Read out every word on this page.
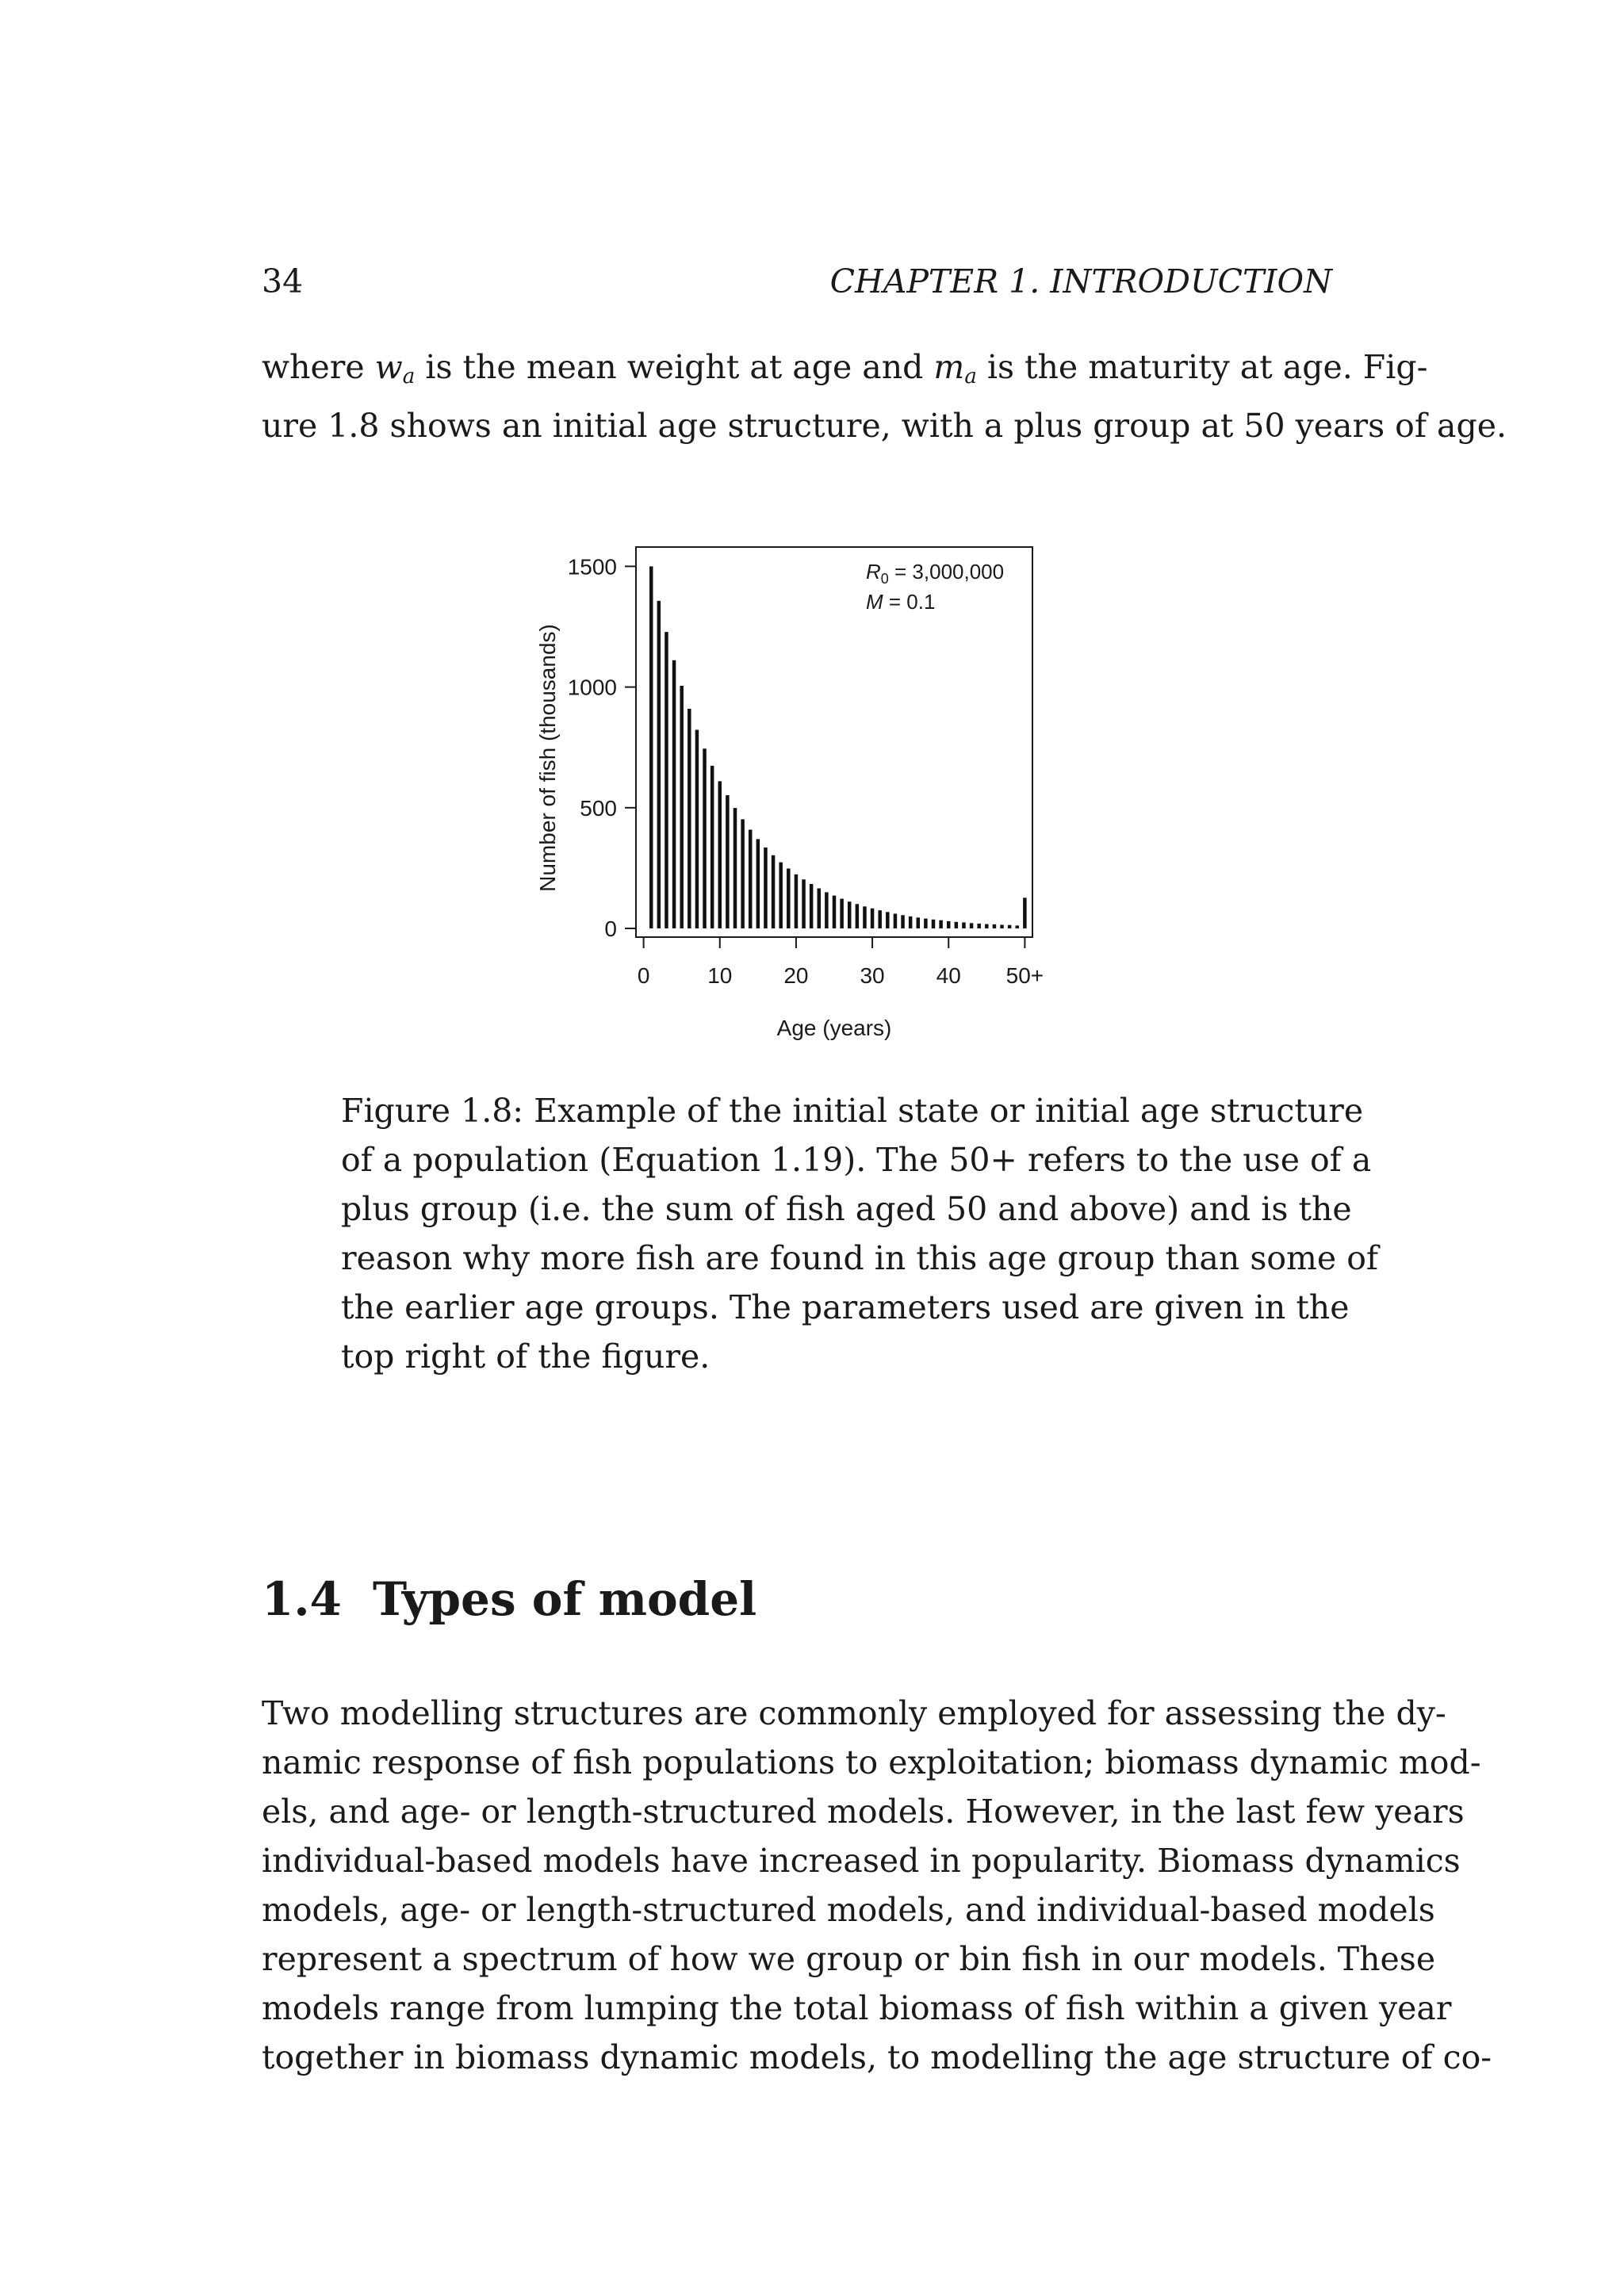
34	CHAPTER 1. INTRODUCTION

where $w_a$ is the mean weight at age and $m_a$ is the maturity at age. Fig-
ure 1.8 shows an initial age structure, with a plus group at 50 years of age.

0	10 20 30 40 50+
0
500
1000
1500
Age (years)
Number of fish (thousands)
$R_0 = 3,000,000$
M = 0.1

Figure 1.8: Example of the initial state or initial age structure
of a population (Equation 1.19). The 50+ refers to the use of a
plus group (i.e. the sum of fish aged 50 and above) and is the
reason why more fish are found in this age group than some of
the earlier age groups. The parameters used are given in the
top right of the figure.

1.4 Types of model

Two modelling structures are commonly employed for assessing the dy-
namic response of fish populations to exploitation; biomass dynamic mod-
els, and age- or length-structured models. However, in the last few years
individual-based models have increased in popularity. Biomass dynamics
models, age- or length-structured models, and individual-based models
represent a spectrum of how we group or bin fish in our models. These
models range from lumping the total biomass of fish within a given year
together in biomass dynamic models, to modelling the age structure of co-
